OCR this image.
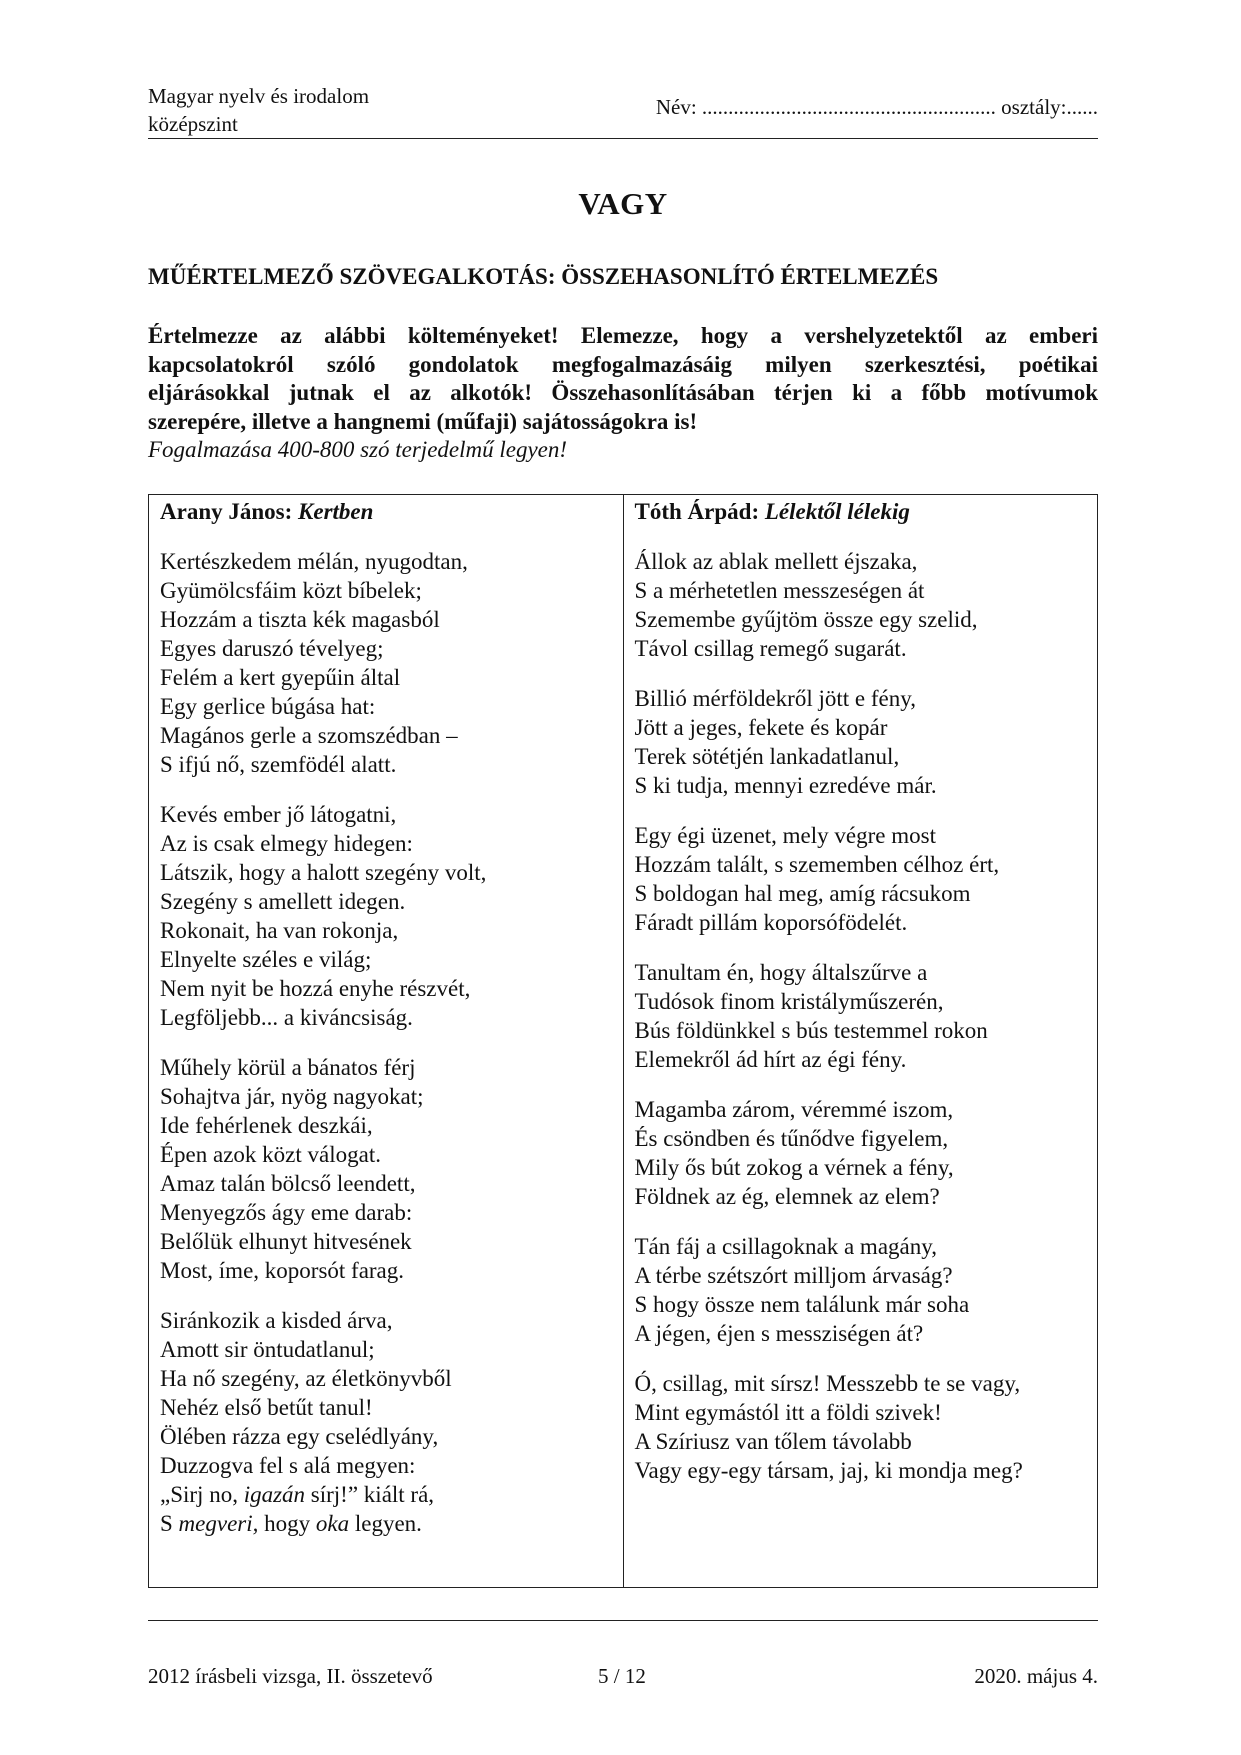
Magyar nyelv és irodalom
középszint
Név: ........................................................ osztály:......
VAGY
MŰÉRTELMEZŐ SZÖVEGALKOTÁS: ÖSSZEHASONLÍTÓ ÉRTELMEZÉS
Értelmezze az alábbi költeményeket! Elemezze, hogy a vershelyzetektől az emberi
kapcsolatokról szóló gondolatok megfogalmazásáig milyen szerkesztési, poétikai
eljárásokkal jutnak el az alkotók! Összehasonlításában térjen ki a főbb motívumok
szerepére, illetve a hangnemi (műfaji) sajátosságokra is!
Fogalmazása 400-800 szó terjedelmű legyen!
Arany János: Kertben
Kertészkedem mélán, nyugodtan,
Gyümölcsfáim közt bíbelek;
Hozzám a tiszta kék magasból
Egyes daruszó tévelyeg;
Felém a kert gyepűin által
Egy gerlice búgása hat:
Magános gerle a szomszédban –
S ifjú nő, szemfödél alatt.
Kevés ember jő látogatni,
Az is csak elmegy hidegen:
Látszik, hogy a halott szegény volt,
Szegény s amellett idegen.
Rokonait, ha van rokonja,
Elnyelte széles e világ;
Nem nyit be hozzá enyhe részvét,
Legföljebb... a kiváncsiság.
Műhely körül a bánatos férj
Sohajtva jár, nyög nagyokat;
Ide fehérlenek deszkái,
Épen azok közt válogat.
Amaz talán bölcső leendett,
Menyegzős ágy eme darab:
Belőlük elhunyt hitvesének
Most, íme, koporsót farag.
Siránkozik a kisded árva,
Amott sir öntudatlanul;
Ha nő szegény, az életkönyvből
Nehéz első betűt tanul!
Ölében rázza egy cselédlyány,
Duzzogva fel s alá megyen:
„Sirj no, igazán sírj!” kiált rá,
S megveri, hogy oka legyen.
Tóth Árpád: Lélektől lélekig
Állok az ablak mellett éjszaka,
S a mérhetetlen messzeségen át
Szemembe gyűjtöm össze egy szelid,
Távol csillag remegő sugarát.
Billió mérföldekről jött e fény,
Jött a jeges, fekete és kopár
Terek sötétjén lankadatlanul,
S ki tudja, mennyi ezredéve már.
Egy égi üzenet, mely végre most
Hozzám talált, s szememben célhoz ért,
S boldogan hal meg, amíg rácsukom
Fáradt pillám koporsófödelét.
Tanultam én, hogy általszűrve a
Tudósok finom kristályműszerén,
Bús földünkkel s bús testemmel rokon
Elemekről ád hírt az égi fény.
Magamba zárom, véremmé iszom,
És csöndben és tűnődve figyelem,
Mily ős bút zokog a vérnek a fény,
Földnek az ég, elemnek az elem?
Tán fáj a csillagoknak a magány,
A térbe szétszórt milljom árvaság?
S hogy össze nem találunk már soha
A jégen, éjen s messziségen át?
Ó, csillag, mit sírsz! Messzebb te se vagy,
Mint egymástól itt a földi szivek!
A Szíriusz van tőlem távolabb
Vagy egy-egy társam, jaj, ki mondja meg?
2012 írásbeli vizsga, II. összetevő	5 / 12	2020. május 4.
